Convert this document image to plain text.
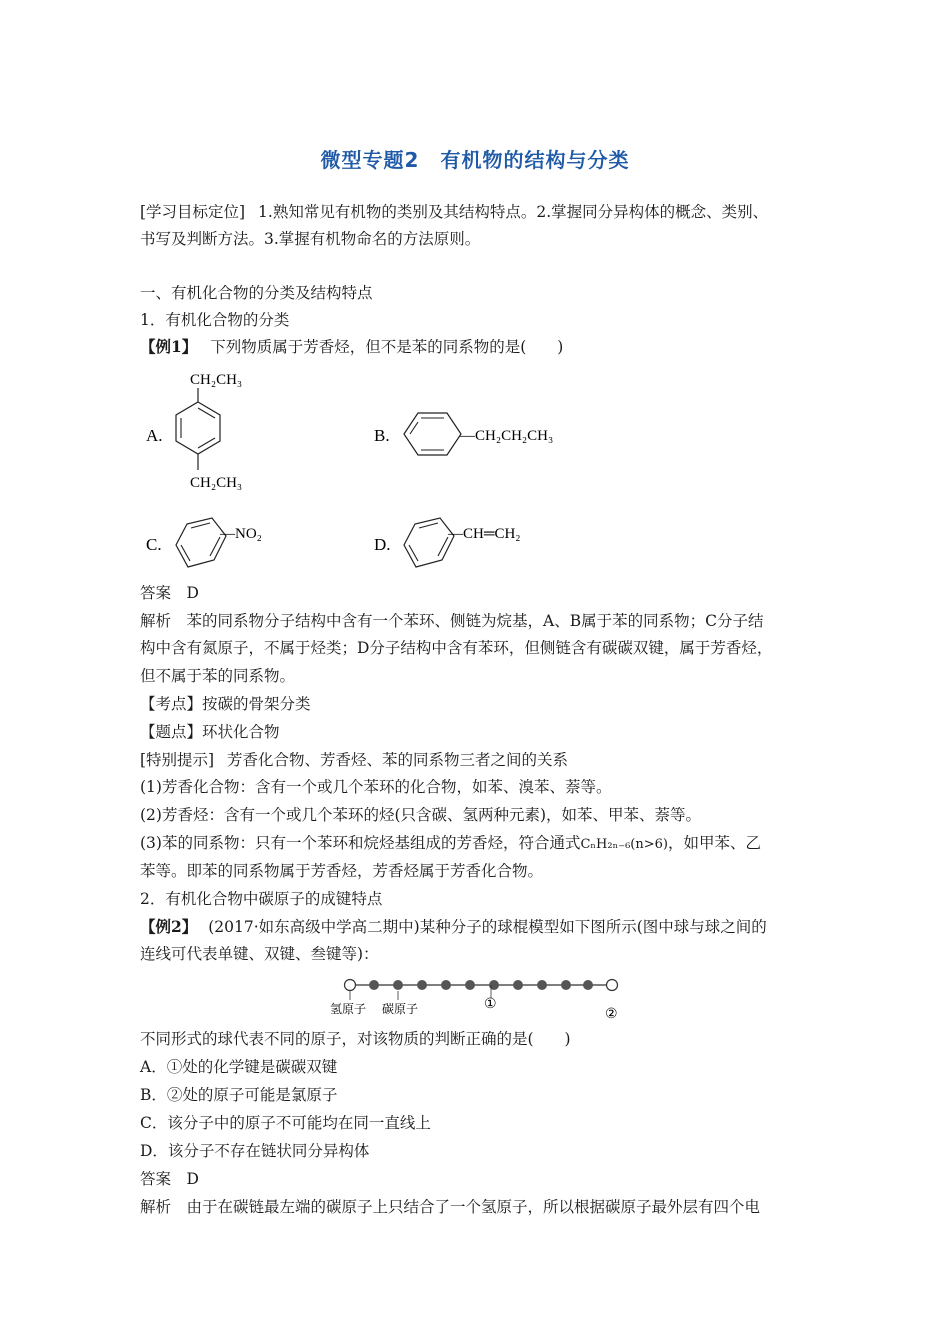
微型专题2　有机物的结构与分类
[学习目标定位] 1.熟知常见有机物的类别及其结构特点。2.掌握同分异构体的概念、类别、
书写及判断方法。3.掌握有机物命名的方法原则。
一、有机化合物的分类及结构特点
1．有机化合物的分类
【例1】 下列物质属于芳香烃，但不是苯的同系物的是(　　)
A.
CH₂CH₃
CH₂CH₃
B.	—CH₂CH₂CH₃
C.
—NO₂
D.
—CH═CH₂
答案　D
解析　苯的同系物分子结构中含有一个苯环、侧链为烷基，A、B属于苯的同系物；C分子结
构中含有氮原子，不属于烃类；D分子结构中含有苯环，但侧链含有碳碳双键，属于芳香烃，
但不属于苯的同系物。
【考点】按碳的骨架分类
【题点】环状化合物
[特别提示] 芳香化合物、芳香烃、苯的同系物三者之间的关系
(1)芳香化合物：含有一个或几个苯环的化合物，如苯、溴苯、萘等。
(2)芳香烃：含有一个或几个苯环的烃(只含碳、氢两种元素)，如苯、甲苯、萘等。
(3)苯的同系物：只有一个苯环和烷烃基组成的芳香烃，符合通式CₙH₂ₙ₋₆(n>6)，如甲苯、乙
苯等。即苯的同系物属于芳香烃，芳香烃属于芳香化合物。
2．有机化合物中碳原子的成键特点
【例2】 (2017·如东高级中学高二期中)某种分子的球棍模型如下图所示(图中球与球之间的
连线可代表单键、双键、叁键等)：
氢原子 碳原子	①
②
不同形式的球代表不同的原子，对该物质的判断正确的是(　　)
A．①处的化学键是碳碳双键
B．②处的原子可能是氯原子
C．该分子中的原子不可能均在同一直线上
D．该分子不存在链状同分异构体
答案　D
解析　由于在碳链最左端的碳原子上只结合了一个氢原子，所以根据碳原子最外层有四个电
